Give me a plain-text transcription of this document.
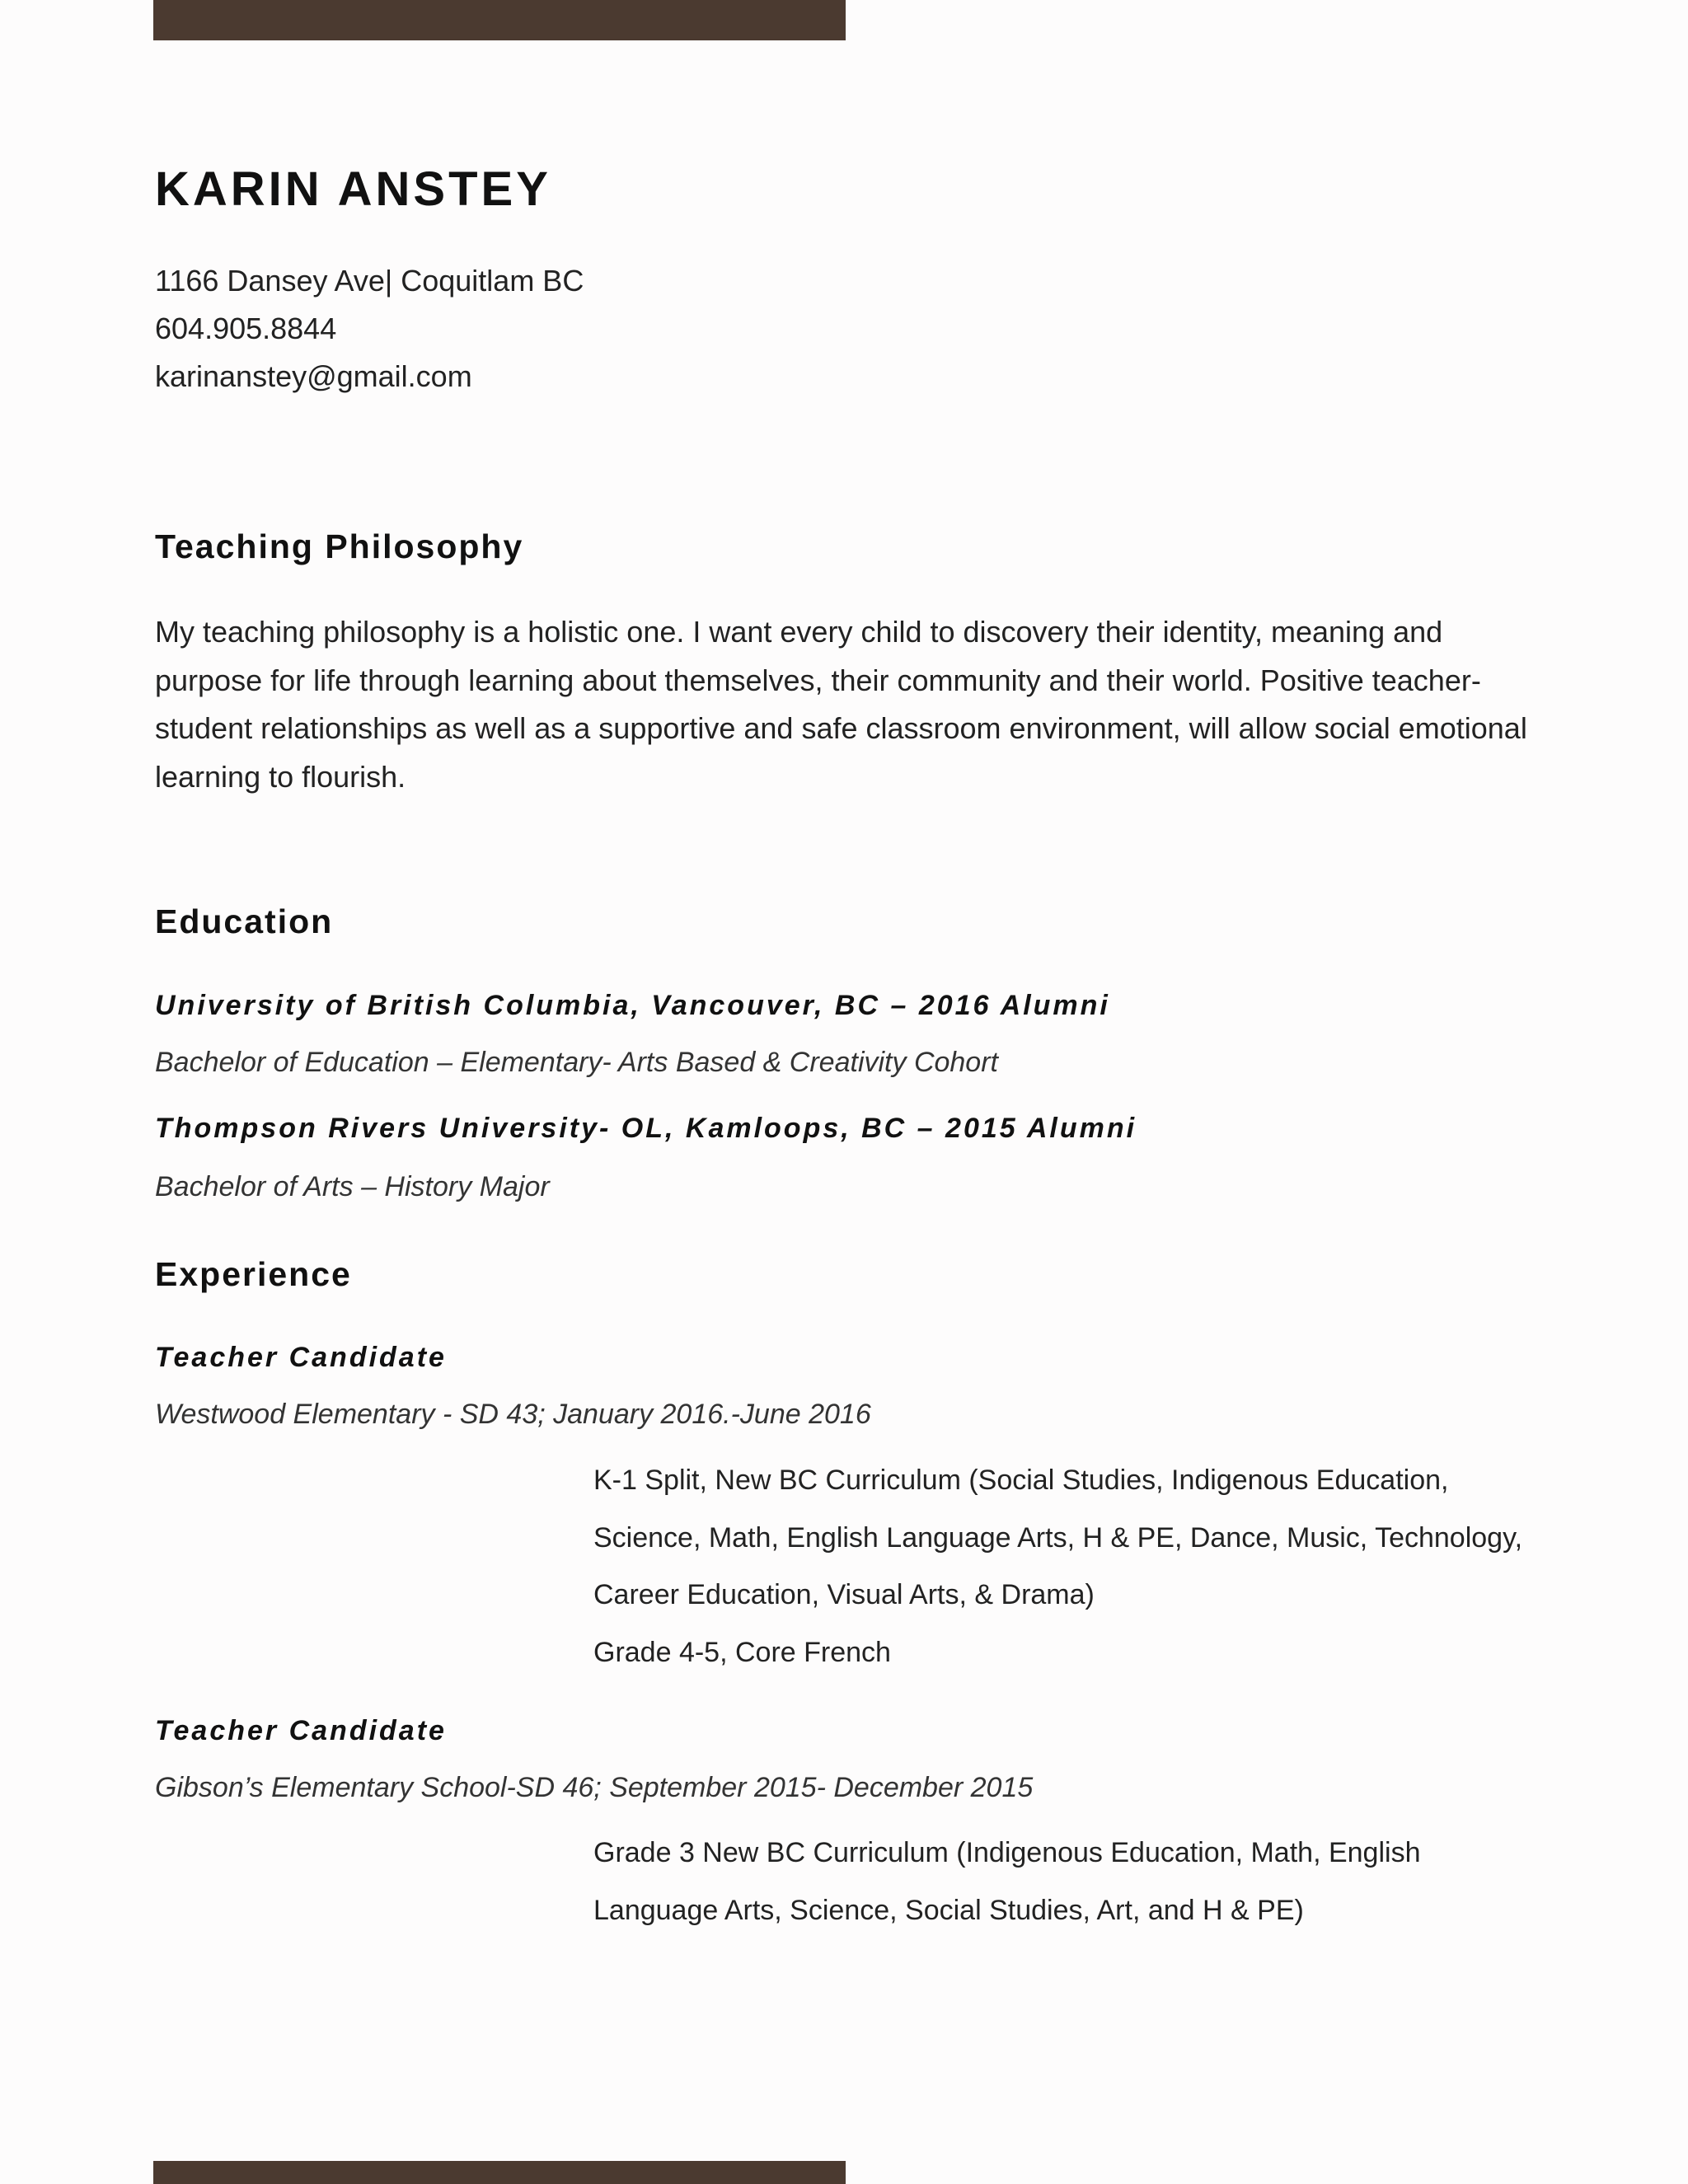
KARIN ANSTEY
1166 Dansey Ave| Coquitlam BC
604.905.8844
karinanstey@gmail.com
Teaching Philosophy

My teaching philosophy is a holistic one. I want every child to discovery their identity, meaning and purpose for life through learning about themselves, their community and their world. Positive teacher-student relationships as well as a supportive and safe classroom environment, will allow social emotional learning to flourish.

Education
University of British Columbia, Vancouver, BC – 2016 Alumni
Bachelor of Education – Elementary- Arts Based & Creativity Cohort
Thompson Rivers University- OL, Kamloops, BC – 2015 Alumni
Bachelor of Arts – History Major
Experience
Teacher Candidate
Westwood Elementary - SD 43; January 2016.-June 2016
K-1 Split, New BC Curriculum (Social Studies, Indigenous Education,
Science, Math, English Language Arts, H & PE, Dance, Music, Technology,
Career Education, Visual Arts, & Drama)
Grade 4-5, Core French
Teacher Candidate
Gibson’s Elementary School-SD 46; September 2015- December 2015
Grade 3 New BC Curriculum (Indigenous Education, Math, English
Language Arts, Science, Social Studies, Art, and H & PE)
